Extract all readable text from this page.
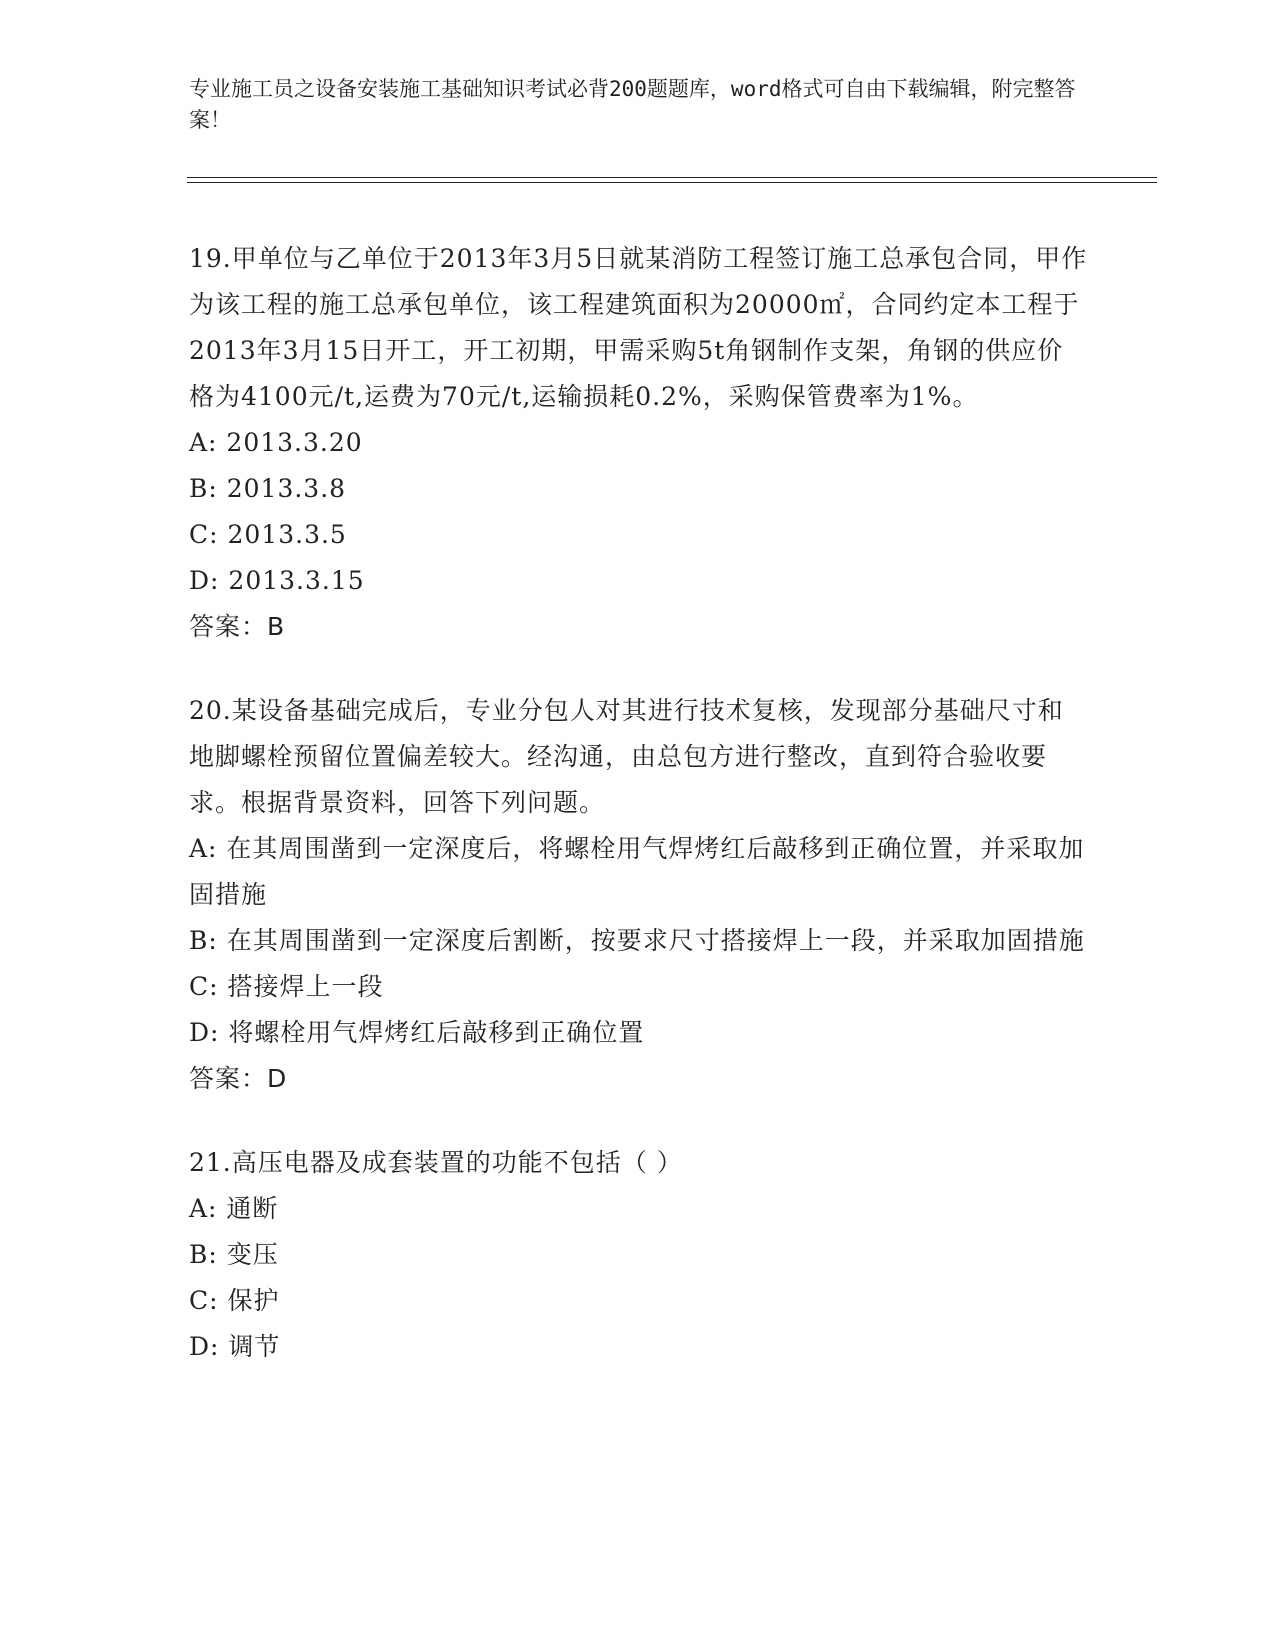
专业施工员之设备安装施工基础知识考试必背200题题库，word格式可自由下载编辑，附完整答案！
19.甲单位与乙单位于2013年3月5日就某消防工程签订施工总承包合同，甲作为该工程的施工总承包单位，该工程建筑面积为20000㎡，合同约定本工程于2013年3月15日开工，开工初期，甲需采购5t角钢制作支架，角钢的供应价格为4100元/t,运费为70元/t,运输损耗0.2%，采购保管费率为1%。
A: 2013.3.20
B: 2013.3.8
C: 2013.3.5
D: 2013.3.15
答案：B
20.某设备基础完成后，专业分包人对其进行技术复核，发现部分基础尺寸和地脚螺栓预留位置偏差较大。经沟通，由总包方进行整改，直到符合验收要求。根据背景资料，回答下列问题。
A: 在其周围凿到一定深度后，将螺栓用气焊烤红后敲移到正确位置，并采取加固措施
B: 在其周围凿到一定深度后割断，按要求尺寸搭接焊上一段，并采取加固措施
C: 搭接焊上一段
D: 将螺栓用气焊烤红后敲移到正确位置
答案：D
21.高压电器及成套装置的功能不包括（ ）
A: 通断
B: 变压
C: 保护
D: 调节
